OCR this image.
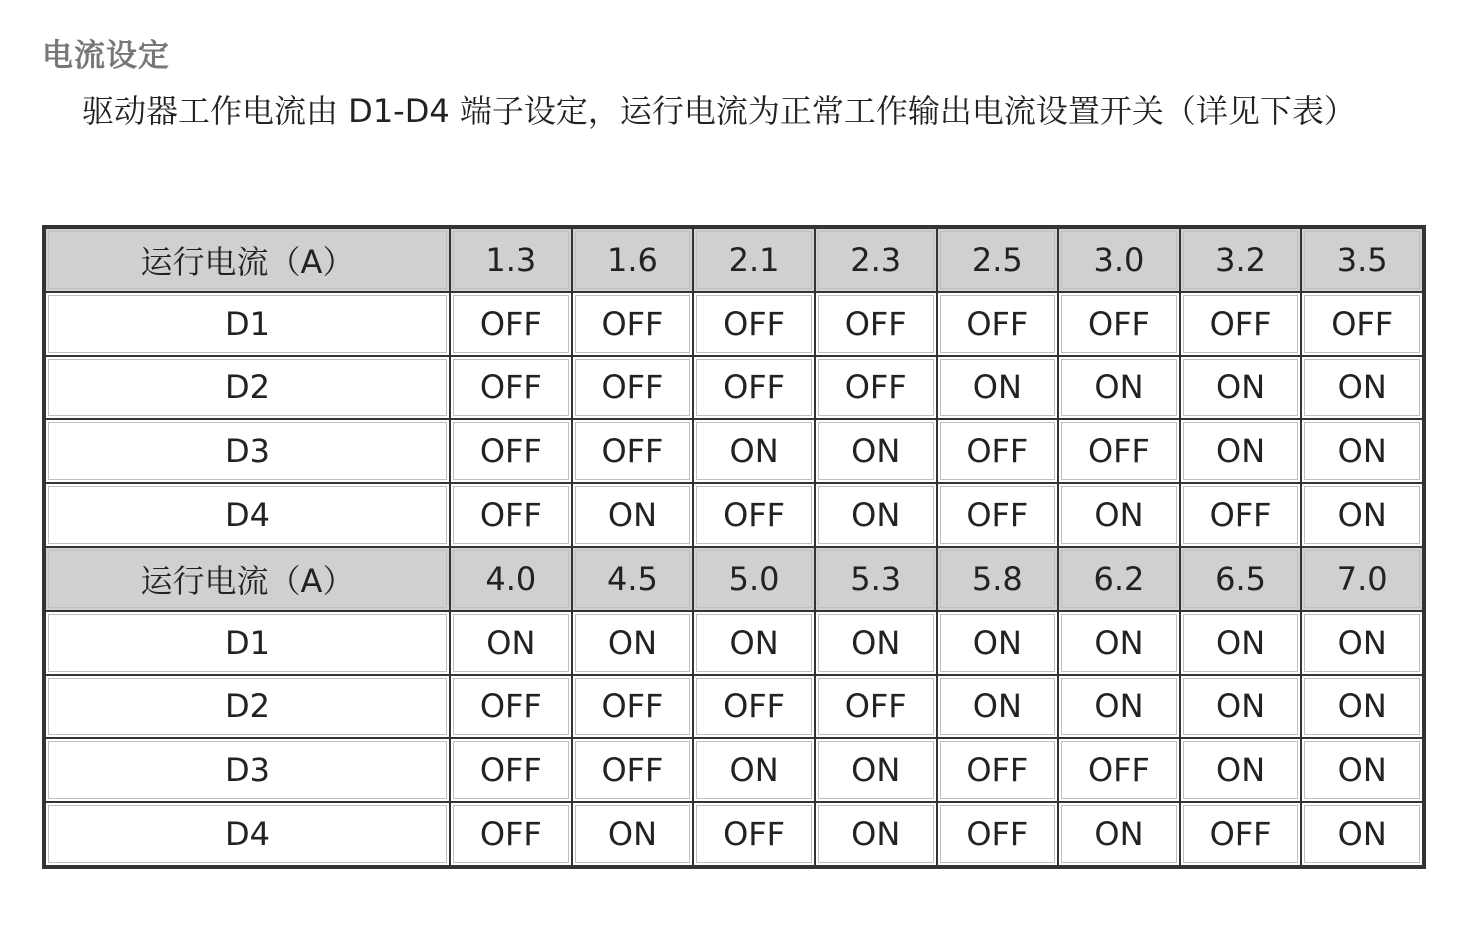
电流设定
驱动器工作电流由 D1-D4 端子设定，运行电流为正常工作输出电流设置开关（详见下表）
运行电流（A）	1.3	1.6	2.1	2.3	2.5	3.0	3.2	3.5
D1	OFF	OFF	OFF	OFF	OFF	OFF	OFF	OFF
D2	OFF	OFF	OFF	OFF	ON	ON	ON	ON
D3	OFF	OFF	ON	ON	OFF	OFF	ON	ON
D4	OFF	ON	OFF	ON	OFF	ON	OFF	ON
运行电流（A）	4.0	4.5	5.0	5.3	5.8	6.2	6.5	7.0
D1	ON	ON	ON	ON	ON	ON	ON	ON
D2	OFF	OFF	OFF	OFF	ON	ON	ON	ON
D3	OFF	OFF	ON	ON	OFF	OFF	ON	ON
D4	OFF	ON	OFF	ON	OFF	ON	OFF	ON
